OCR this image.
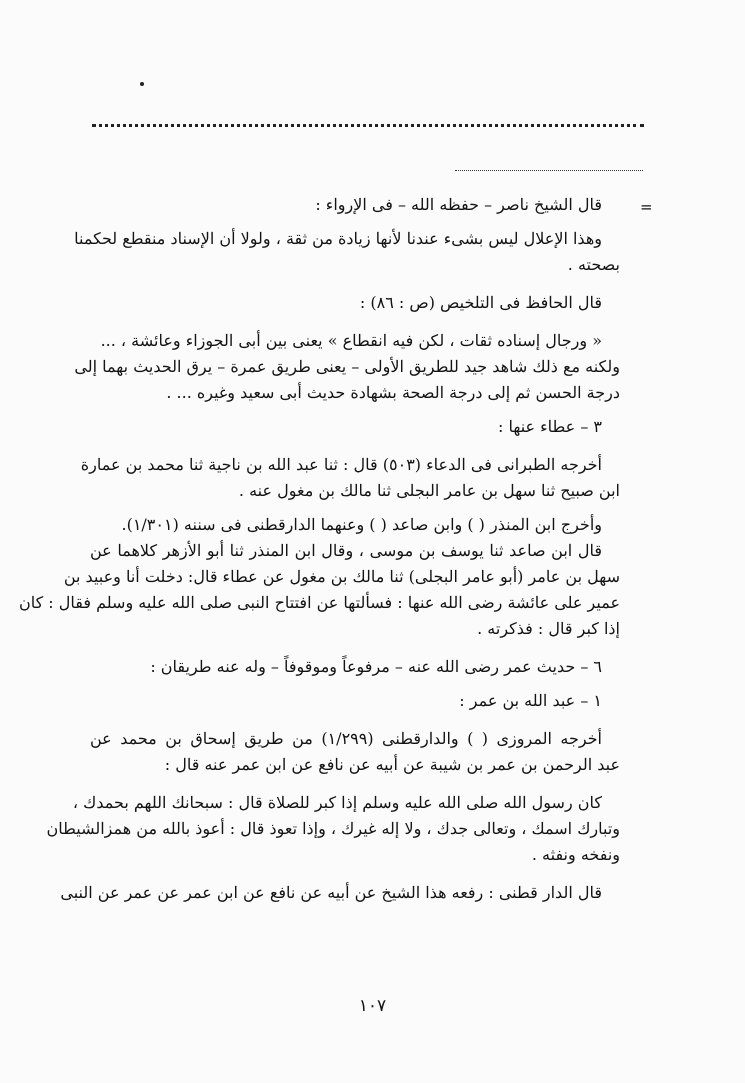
=
قال الشيخ ناصر – حفظه الله – فى الإرواء :
وهذا الإعلال ليس بشىء عندنا لأنها زيادة من ثقة ، ولولا أن الإسناد منقطع لحكمنا
بصحته .
قال الحافظ فى التلخيص (ص : ٨٦) :
« ورجال إسناده ثقات ، لكن فيه انقطاع » يعنى بين أبى الجوزاء وعائشة ، ...
ولكنه مع ذلك شاهد جيد للطريق الأولى – يعنى طريق عمرة – يرق الحديث بهما إلى
درجة الحسن ثم إلى درجة الصحة بشهادة حديث أبى سعيد وغيره ... .
٣ – عطاء عنها :
أخرجه الطبرانى فى الدعاء (٥٠٣) قال : ثنا عبد الله بن ناجية ثنا محمد بن عمارة
ابن صبيح ثنا سهل بن عامر البجلى ثنا مالك بن مغول عنه .
وأخرج ابن المنذر ( ) وابن صاعد ( ) وعنهما الدارقطنى فى سننه (١/٣٠١).
قال ابن صاعد ثنا يوسف بن موسى ، وقال ابن المنذر ثنا أبو الأزهر كلاهما عن
سهل بن عامر (أبو عامر البجلى) ثنا مالك بن مغول عن عطاء قال: دخلت أنا وعبيد بن
عمير على عائشة رضى الله عنها : فسألتها عن افتتاح النبى صلى الله عليه وسلم فقال : كان
إذا كبر قال : فذكرته .
٦ – حديث عمر رضى الله عنه – مرفوعاً وموقوفاً – وله عنه طريقان :
١ – عبد الله بن عمر :
أخرجه المروزى ( ) والدارقطنى (١/٢٩٩) من طريق إسحاق بن محمد عن
عبد الرحمن بن عمر بن شيبة عن أبيه عن نافع عن ابن عمر عنه قال :
كان رسول الله صلى الله عليه وسلم إذا كبر للصلاة قال : سبحانك اللهم بحمدك ،
وتبارك اسمك ، وتعالى جدك ، ولا إله غيرك ، وإذا تعوذ قال : أعوذ بالله من همزالشيطان
ونفخه ونفثه .
قال الدار قطنى : رفعه هذا الشيخ عن أبيه عن نافع عن ابن عمر عن عمر عن النبى
١٠٧
